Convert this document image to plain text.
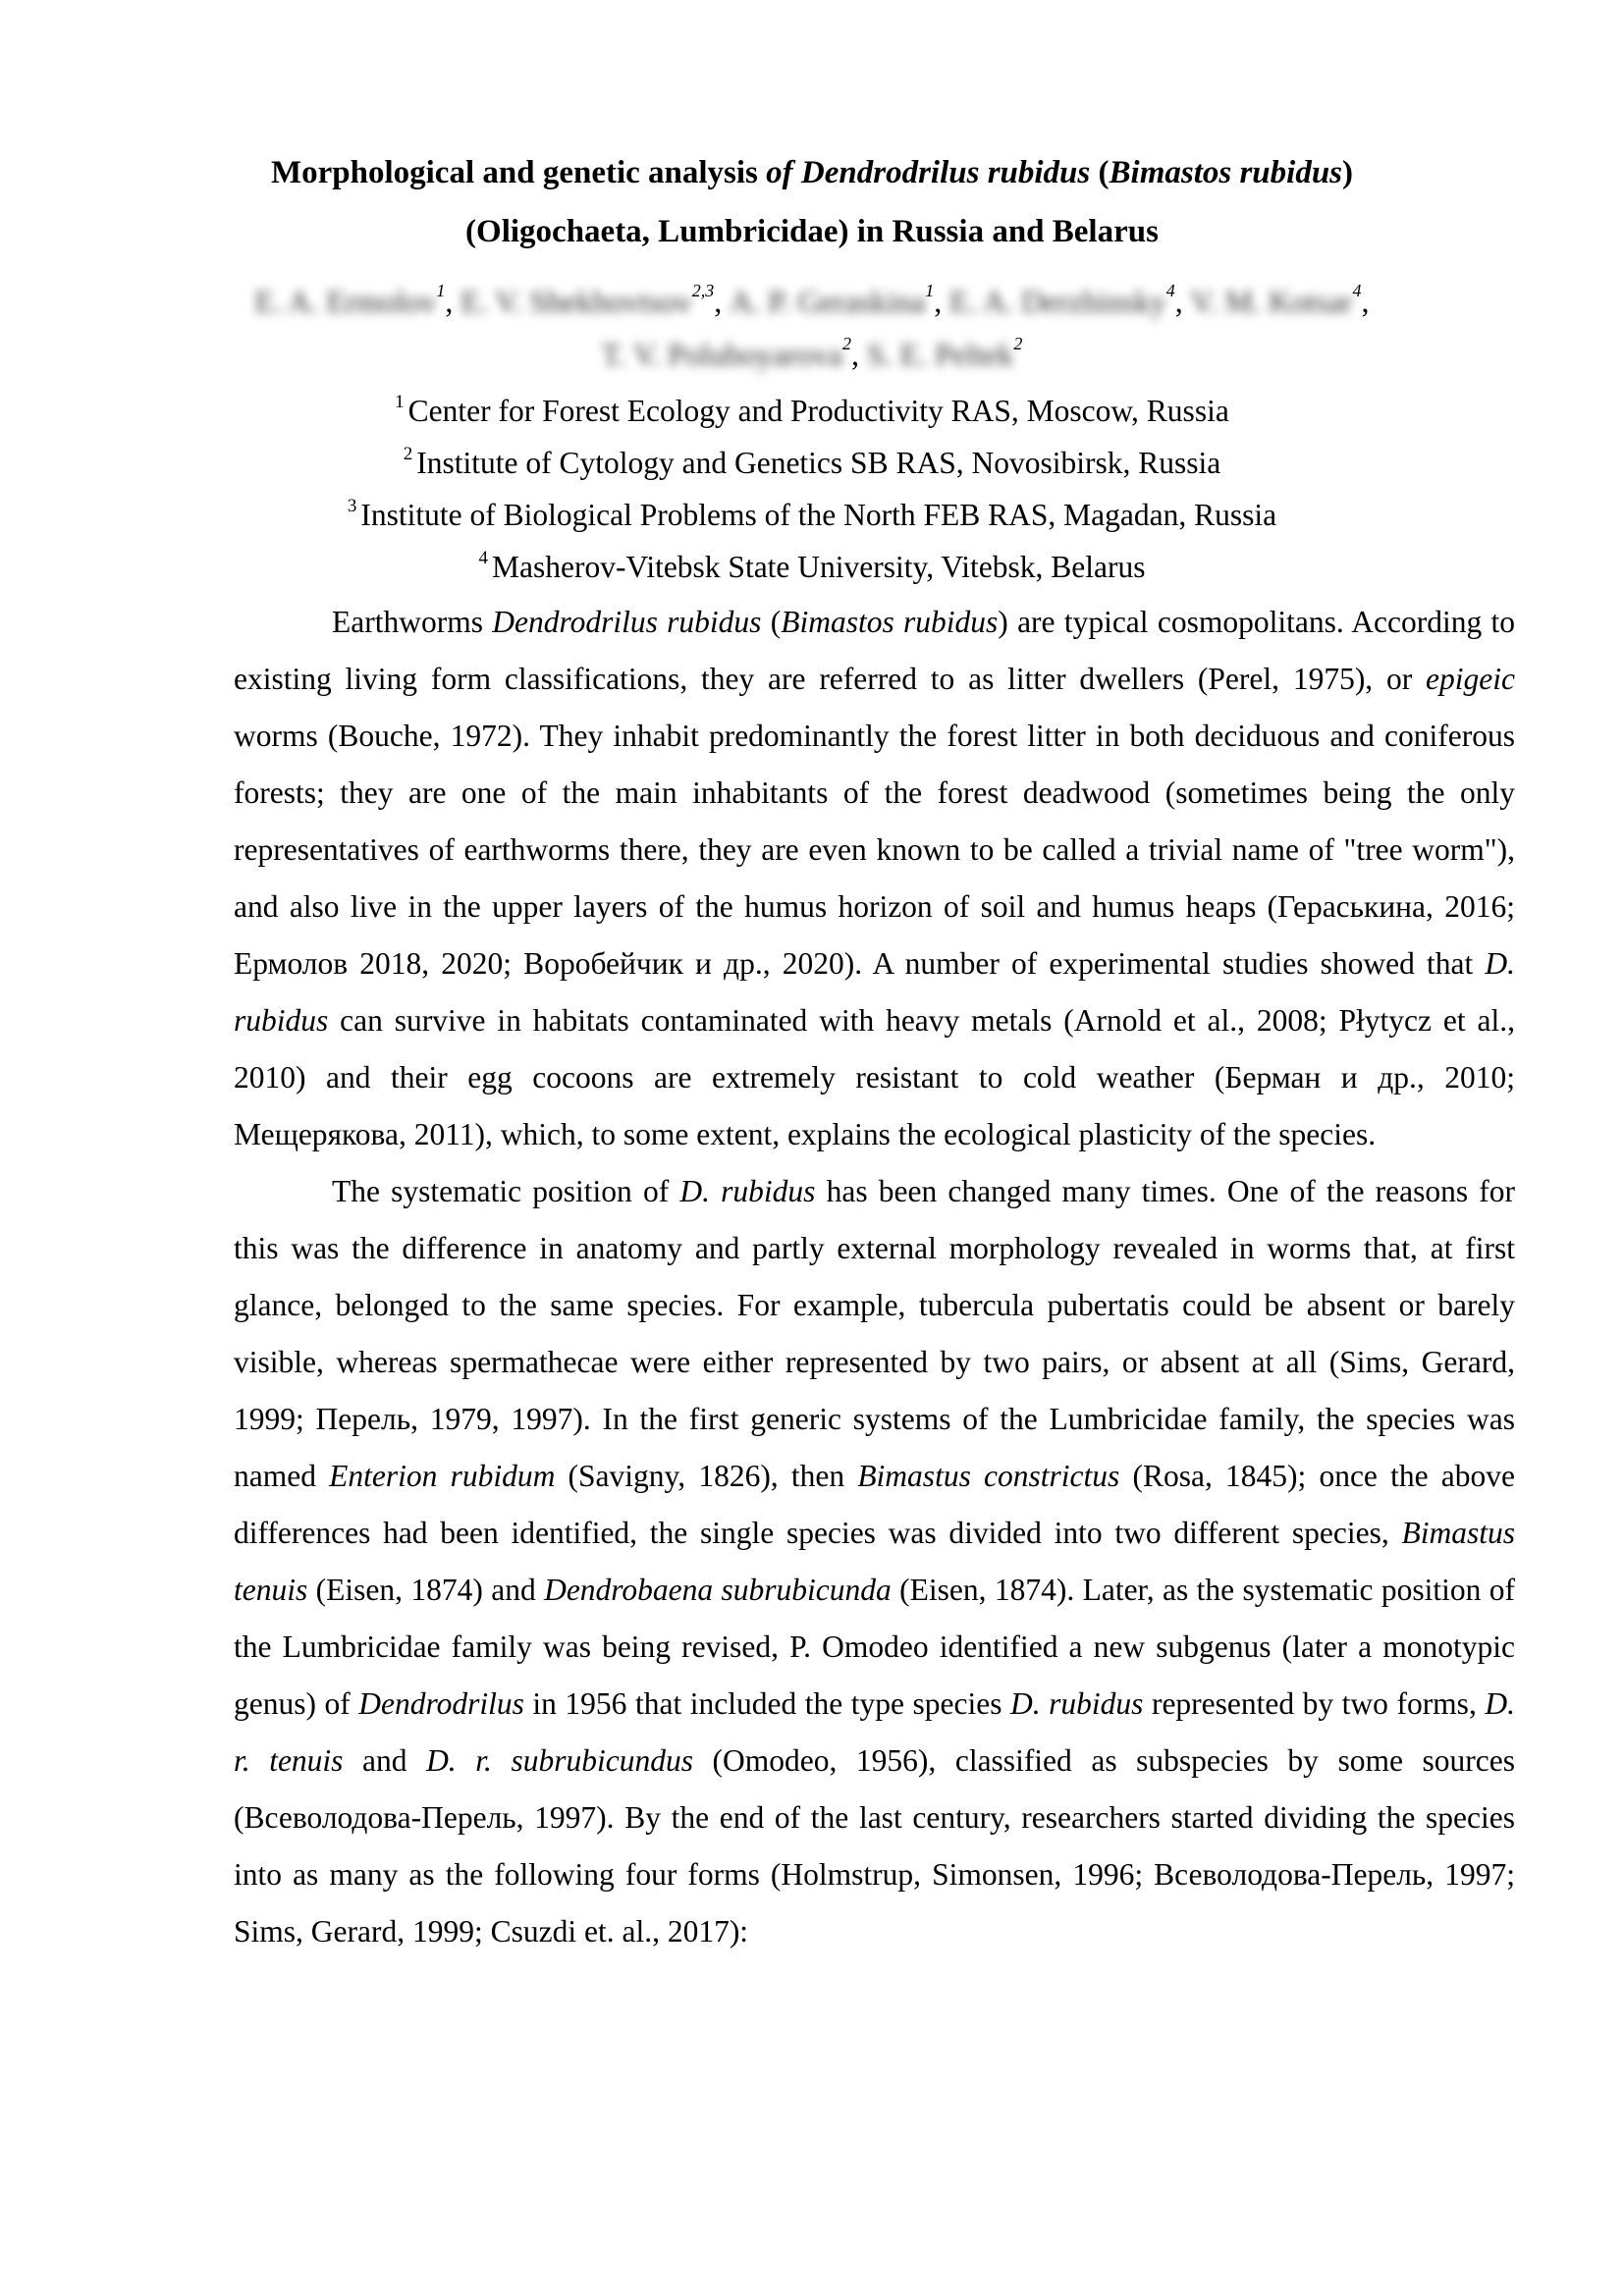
Morphological and genetic analysis of Dendrodrilus rubidus (Bimastos rubidus)
(Oligochaeta, Lumbricidae) in Russia and Belarus
E. A. Ermolov$^1$, E. V. Shekhovtsov$^{2,3}$, A. P. Geraskina$^1$, E. A. Derzhinsky$^4$, V. M. Kotsar$^4$,
T. V. Poluboyarova$^2$, S. E. Peltek$^2$
$^1$ Center for Forest Ecology and Productivity RAS, Moscow, Russia
$^2$ Institute of Cytology and Genetics SB RAS, Novosibirsk, Russia
$^3$ Institute of Biological Problems of the North FEB RAS, Magadan, Russia
$^4$ Masherov-Vitebsk State University, Vitebsk, Belarus

Earthworms Dendrodrilus rubidus (Bimastos rubidus) are typical cosmopolitans. According to existing living form classifications, they are referred to as litter dwellers (Perel, 1975), or epigeic worms (Bouche, 1972). They inhabit predominantly the forest litter in both deciduous and coniferous forests; they are one of the main inhabitants of the forest deadwood (sometimes being the only representatives of earthworms there, they are even known to be called a trivial name of "tree worm"), and also live in the upper layers of the humus horizon of soil and humus heaps (Гераськина, 2016; Ермолов 2018, 2020; Воробейчик и др., 2020). A number of experimental studies showed that D. rubidus can survive in habitats contaminated with heavy metals (Arnold et al., 2008; Płytycz et al., 2010) and their egg cocoons are extremely resistant to cold weather (Берман и др., 2010; Мещерякова, 2011), which, to some extent, explains the ecological plasticity of the species.

The systematic position of D. rubidus has been changed many times. One of the reasons for this was the difference in anatomy and partly external morphology revealed in worms that, at first glance, belonged to the same species. For example, tubercula pubertatis could be absent or barely visible, whereas spermathecae were either represented by two pairs, or absent at all (Sims, Gerard, 1999; Перель, 1979, 1997). In the first generic systems of the Lumbricidae family, the species was named Enterion rubidum (Savigny, 1826), then Bimastus constrictus (Rosa, 1845); once the above differences had been identified, the single species was divided into two different species, Bimastus tenuis (Eisen, 1874) and Dendrobaena subrubicunda (Eisen, 1874). Later, as the systematic position of the Lumbricidae family was being revised, P. Omodeo identified a new subgenus (later a monotypic genus) of Dendrodrilus in 1956 that included the type species D. rubidus represented by two forms, D. r. tenuis and D. r. subrubicundus (Omodeo, 1956), classified as subspecies by some sources (Всеволодова-Перель, 1997). By the end of the last century, researchers started dividing the species into as many as the following four forms (Holmstrup, Simonsen, 1996; Всеволодова-Перель, 1997; Sims, Gerard, 1999; Csuzdi et. al., 2017):
